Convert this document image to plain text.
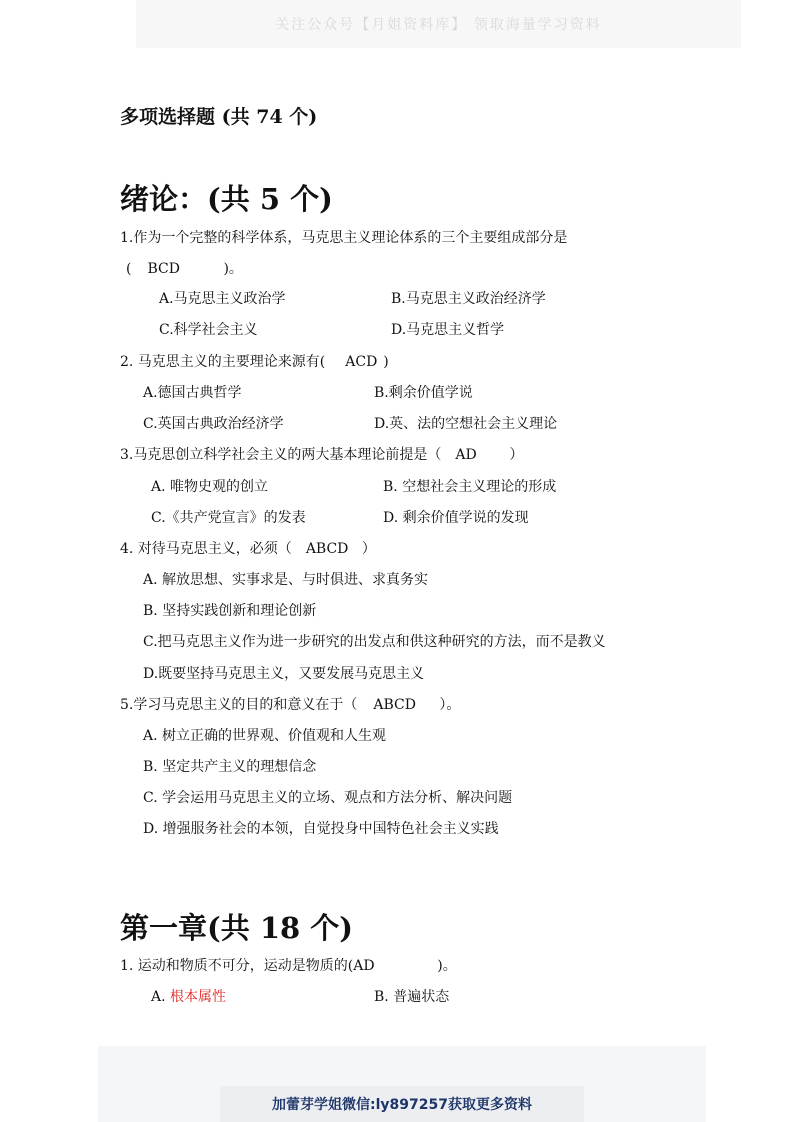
关注公众号【月姐资料库】 领取海量学习资料
多项选择题 (共 74 个)
绪论：(共 5 个)
1.作为一个完整的科学体系，马克思主义理论体系的三个主要组成部分是
( BCD	)。
A.马克思主义政治学	B.马克思主义政治经济学
C.科学社会主义	D.马克思主义哲学
2. 马克思主义的主要理论来源有( ACD )
A.德国古典哲学	B.剩余价值学说
C.英国古典政治经济学	D.英、法的空想社会主义理论
3.马克思创立科学社会主义的两大基本理论前提是（ AD ）
A. 唯物史观的创立	B. 空想社会主义理论的形成
C.《共产党宣言》的发表	D. 剩余价值学说的发现
4. 对待马克思主义，必须（ ABCD ）
A. 解放思想、实事求是、与时俱进、求真务实
B. 坚持实践创新和理论创新
C.把马克思主义作为进一步研究的出发点和供这种研究的方法，而不是教义
D.既要坚持马克思主义，又要发展马克思主义
5.学习马克思主义的目的和意义在于（ ABCD ）。
A. 树立正确的世界观、价值观和人生观
B. 坚定共产主义的理想信念
C. 学会运用马克思主义的立场、观点和方法分析、解决问题
D. 增强服务社会的本领，自觉投身中国特色社会主义实践
第一章(共 18 个)
1. 运动和物质不可分，运动是物质的(AD	)。
A. 根本属性	B. 普遍状态
加蕾芽学姐微信:ly897257获取更多资料
